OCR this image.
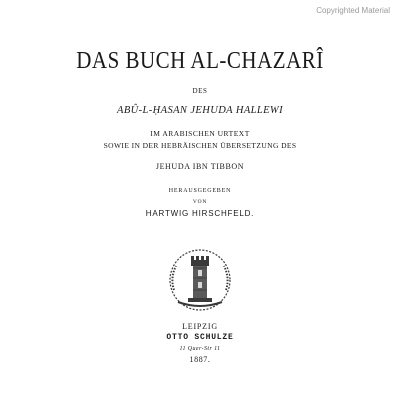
Copyrighted Material
DAS BUCH AL-CHAZARÎ
DES
ABÛ-L-ḤASAN JEHUDA HALLEWI
IM ARABISCHEN URTEXT
SOWIE IN DER HEBRÄISCHEN ÜBERSETZUNG DES
JEHUDA IBN TIBBON
HERAUSGEGEBEN
VON
HARTWIG HIRSCHFELD.
LEIPZIG
OTTO SCHULZE
11 Quer-Str 11
1887.
